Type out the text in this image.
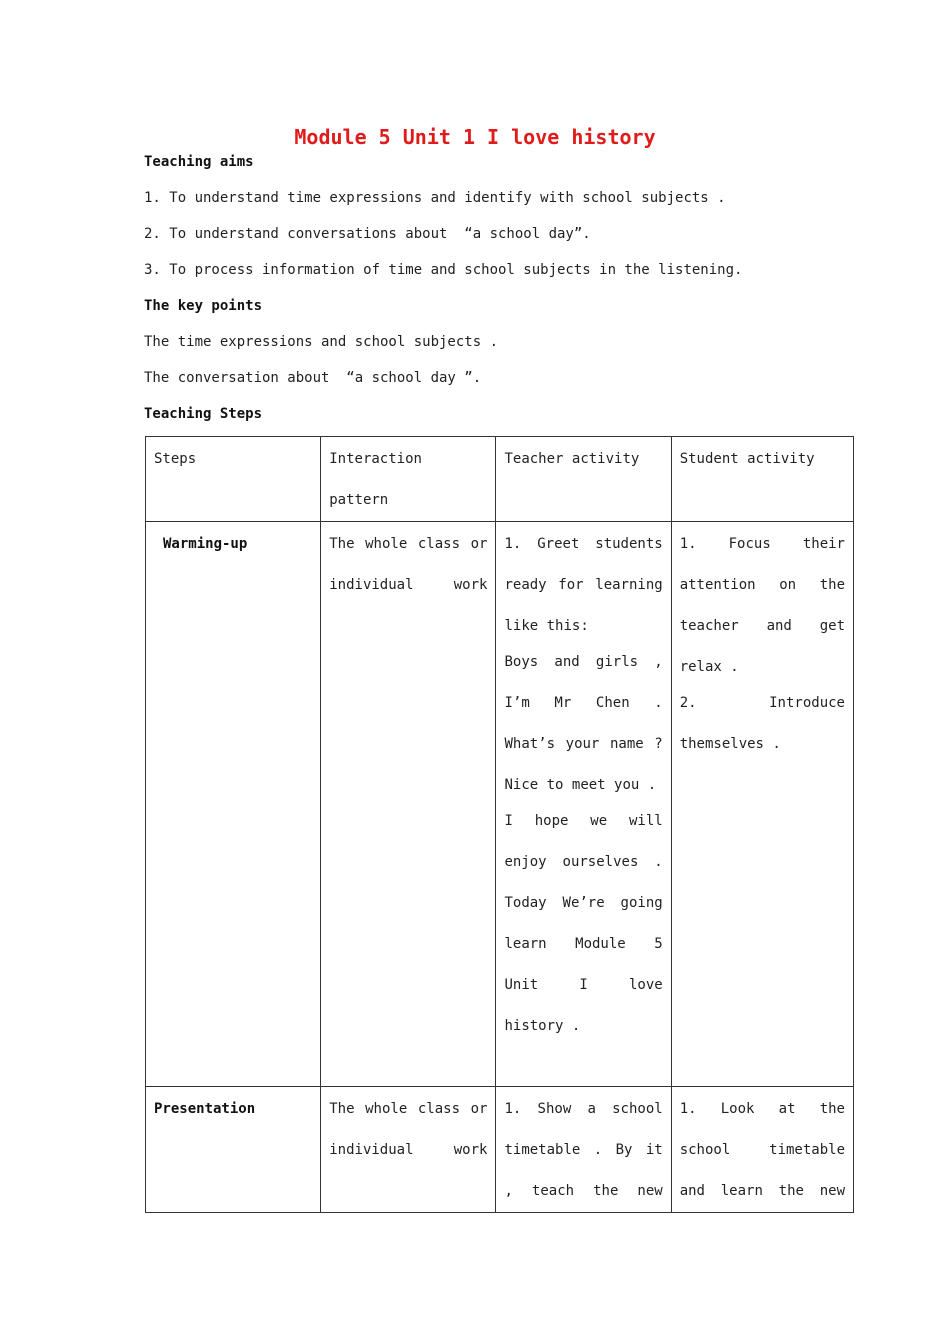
Module 5 Unit 1 I love history
Teaching aims
1. To understand time expressions and identify with school subjects .
2. To understand conversations about  “a school day”.
3. To process information of time and school subjects in the listening.
The key points
The time expressions and school subjects .
The conversation about  “a school day ”.
Teaching Steps
Steps	Interaction pattern	Teacher activity	Student activity
Warming-up	The whole class or individual work	1. Greet students ready for learning like this:
Boys and girls , I’m Mr Chen . What’s your name ? Nice to meet you .
I hope we will enjoy ourselves . Today We’re going learn Module 5 Unit I love history .	1. Focus their attention on the teacher and get relax .
2. Introduce themselves .

Presentation	The whole class or individual work	1. Show a school timetable . By it , teach the new	1. Look at the school timetable and learn the new
